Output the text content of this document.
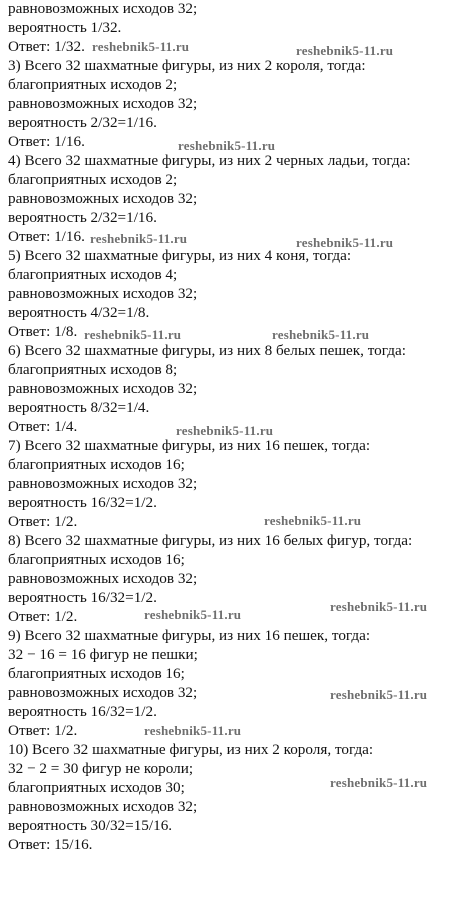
равновозможных исходов 32;
вероятность 1/32.
Ответ: 1/32.
3) Всего 32 шахматные фигуры, из них 2 короля, тогда:
благоприятных исходов 2;
равновозможных исходов 32;
вероятность 2/32=1/16.
Ответ: 1/16.
4) Всего 32 шахматные фигуры, из них 2 черных ладьи, тогда:
благоприятных исходов 2;
равновозможных исходов 32;
вероятность 2/32=1/16.
Ответ: 1/16.
5) Всего 32 шахматные фигуры, из них 4 коня, тогда:
благоприятных исходов 4;
равновозможных исходов 32;
вероятность 4/32=1/8.
Ответ: 1/8.
6) Всего 32 шахматные фигуры, из них 8 белых пешек, тогда:
благоприятных исходов 8;
равновозможных исходов 32;
вероятность 8/32=1/4.
Ответ: 1/4.
7) Всего 32 шахматные фигуры, из них 16 пешек, тогда:
благоприятных исходов 16;
равновозможных исходов 32;
вероятность 16/32=1/2.
Ответ: 1/2.
8) Всего 32 шахматные фигуры, из них 16 белых фигур, тогда:
благоприятных исходов 16;
равновозможных исходов 32;
вероятность 16/32=1/2.
Ответ: 1/2.
9) Всего 32 шахматные фигуры, из них 16 пешек, тогда:
32 − 16 = 16 фигур не пешки;
благоприятных исходов 16;
равновозможных исходов 32;
вероятность 16/32=1/2.
Ответ: 1/2.
10) Всего 32 шахматные фигуры, из них 2 короля, тогда:
32 − 2 = 30 фигур не короли;
благоприятных исходов 30;
равновозможных исходов 32;
вероятность 30/32=15/16.
Ответ: 15/16.
reshebnik5-11.ru	reshebnik5-11.ru
reshebnik5-11.ru
reshebnik5-11.ru	reshebnik5-11.ru
reshebnik5-11.ru	reshebnik5-11.ru
reshebnik5-11.ru
reshebnik5-11.ru
reshebnik5-11.ru
reshebnik5-11.ru
reshebnik5-11.ru
reshebnik5-11.ru
reshebnik5-11.ru
